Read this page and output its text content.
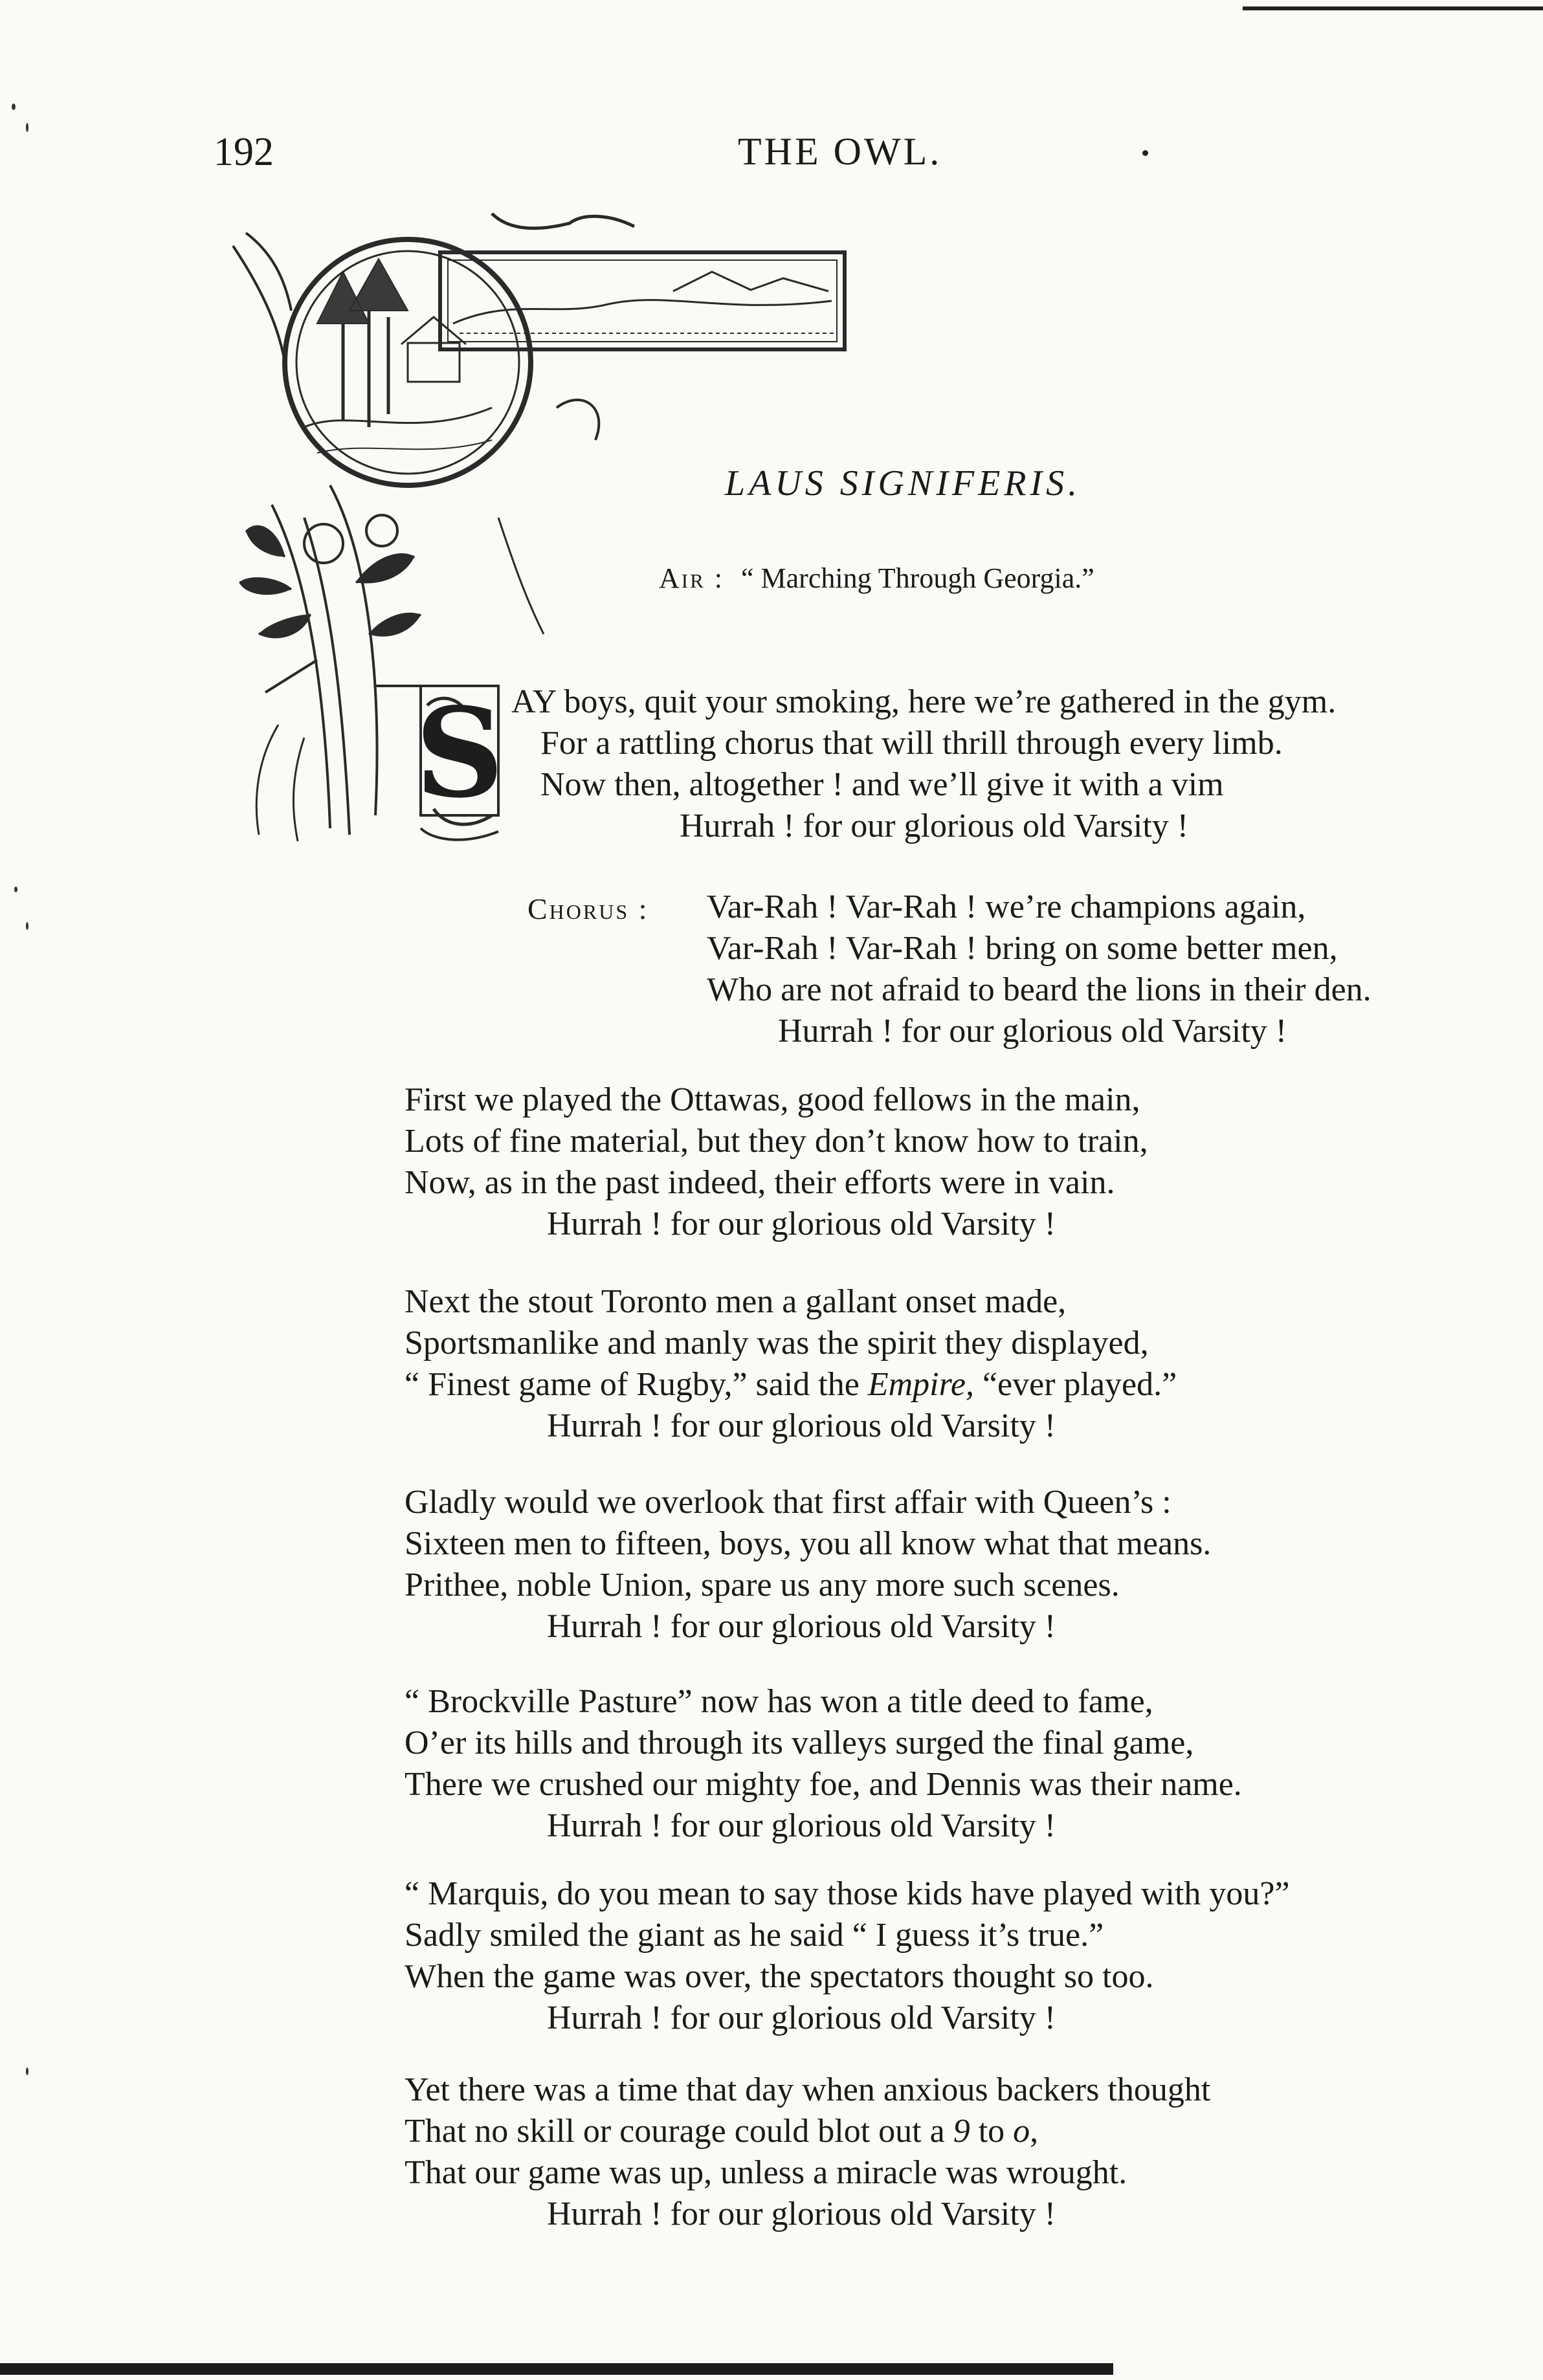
192	THE OWL.
LAUS SIGNIFERIS.
Air : “ Marching Through Georgia.”
S AY boys, quit your smoking, here we’re gathered in the gym.
For a rattling chorus that will thrill through every limb.
Now then, altogether ! and we’ll give it with a vim
Hurrah ! for our glorious old Varsity !
Chorus : Var-Rah ! Var-Rah ! we’re champions again,
Var-Rah ! Var-Rah ! bring on some better men,
Who are not afraid to beard the lions in their den.
Hurrah ! for our glorious old Varsity !
First we played the Ottawas, good fellows in the main,
Lots of fine material, but they don’t know how to train,
Now, as in the past indeed, their efforts were in vain.
Hurrah ! for our glorious old Varsity !
Next the stout Toronto men a gallant onset made,
Sportsmanlike and manly was the spirit they displayed,
“ Finest game of Rugby,” said the Empire, “ever played.”
Hurrah ! for our glorious old Varsity !
Gladly would we overlook that first affair with Queen’s :
Sixteen men to fifteen, boys, you all know what that means.
Prithee, noble Union, spare us any more such scenes.
Hurrah ! for our glorious old Varsity !
“ Brockville Pasture” now has won a title deed to fame,
O’er its hills and through its valleys surged the final game,
There we crushed our mighty foe, and Dennis was their name.
Hurrah ! for our glorious old Varsity !
“ Marquis, do you mean to say those kids have played with you?”
Sadly smiled the giant as he said “ I guess it’s true.”
When the game was over, the spectators thought so too.
Hurrah ! for our glorious old Varsity !
Yet there was a time that day when anxious backers thought
That no skill or courage could blot out a 9 to o,
That our game was up, unless a miracle was wrought.
Hurrah ! for our glorious old Varsity !
